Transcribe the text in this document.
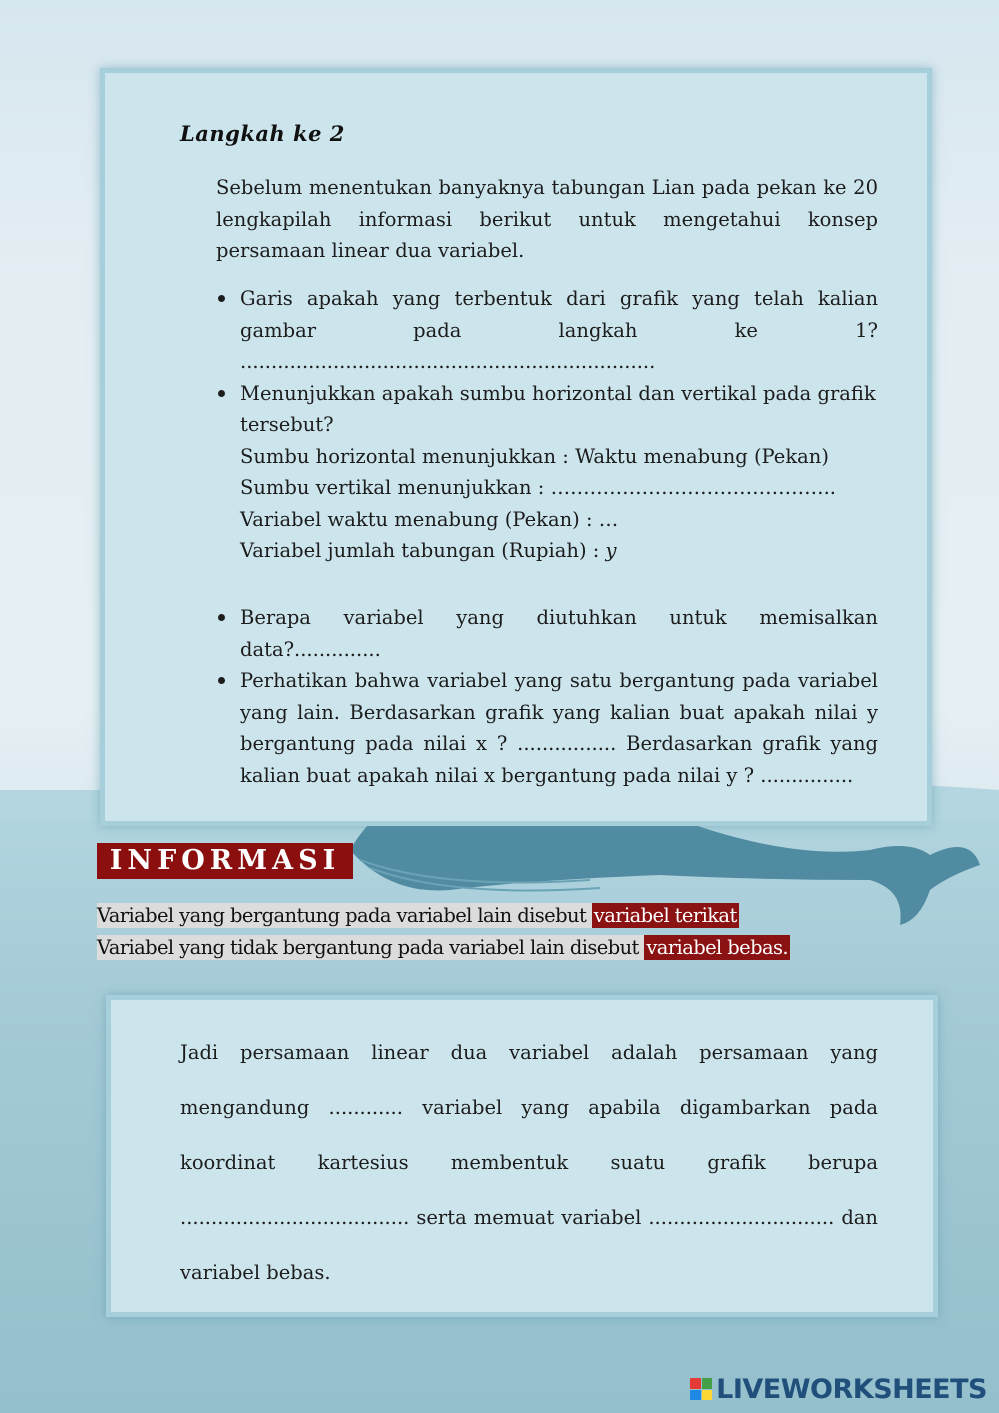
Langkah ke 2
Sebelum menentukan banyaknya tabungan Lian pada pekan ke 20 lengkapilah informasi berikut untuk mengetahui konsep persamaan linear dua variabel.
Garis apakah yang terbentuk dari grafik yang telah kalian gambar pada langkah ke 1? ...................................................................
Menunjukkan apakah sumbu horizontal dan vertikal pada grafik tersebut?
Sumbu horizontal menunjukkan : Waktu menabung (Pekan)
Sumbu vertikal menunjukkan : ……………………………………..
Variabel waktu menabung (Pekan) : …
Variabel jumlah tabungan (Rupiah) : 𝑦
Berapa variabel yang diutuhkan untuk memisalkan data?..............
Perhatikan bahwa variabel yang satu bergantung pada variabel yang lain. Berdasarkan grafik yang kalian buat apakah nilai y bergantung pada nilai x ? ................ Berdasarkan grafik yang kalian buat apakah nilai x bergantung pada nilai y ? ...............
INFORMASI
Variabel yang bergantung pada variabel lain disebut variabel terikat
Variabel yang tidak bergantung pada variabel lain disebut variabel bebas.
Jadi persamaan linear dua variabel adalah persamaan yang mengandung ............ variabel yang apabila digambarkan pada koordinat kartesius membentuk suatu grafik berupa ..................................... serta memuat variabel .............................. dan variabel bebas.
LIVEWORKSHEETS
